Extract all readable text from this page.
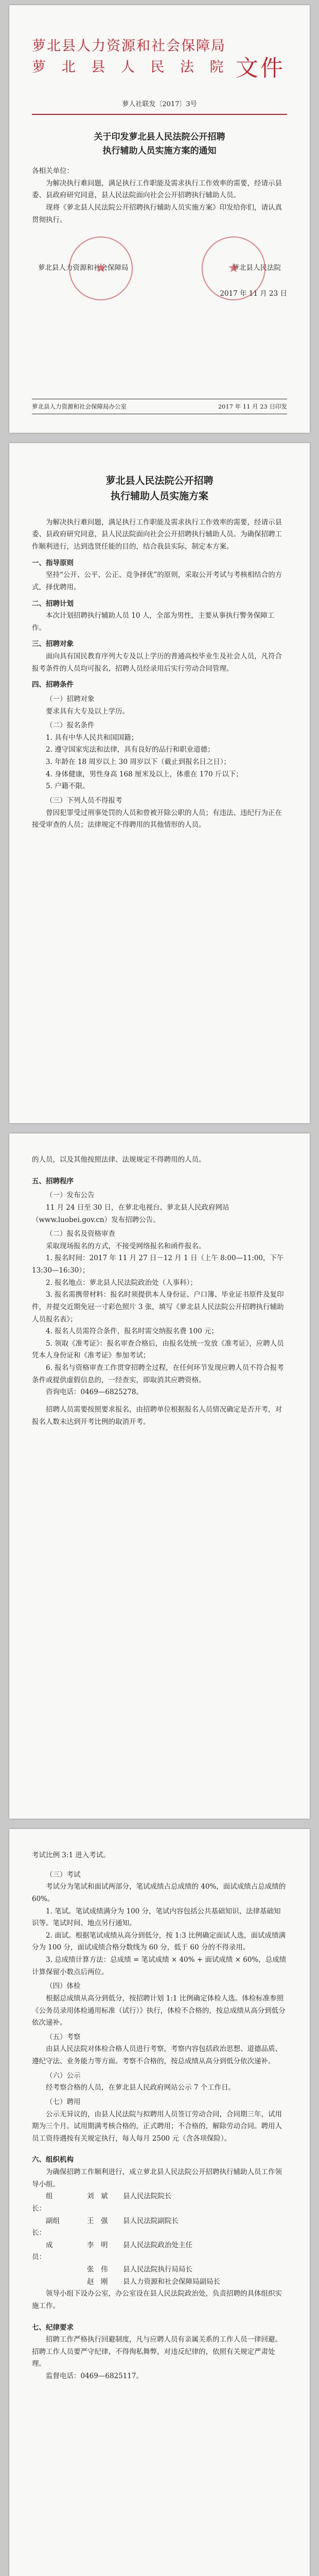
萝北县人力资源和社会保障局
萝 北 县 人 民 法 院 文件
萝人社联发〔2017〕3号
关于印发萝北县人民法院公开招聘
执行辅助人员实施方案的通知

各相关单位：

为解决执行难问题，满足执行工作职能及需求执行工作效率的需要，经请示县委、县政府研究同意，县人民法院面向社会公开招聘执行辅助人员。

现将《萝北县人民法院公开招聘执行辅助人员实施方案》印发给你们，请认真贯彻执行。

★
★
萝北县人力资源和社会保障局	萝北县人民法院
2017 年 11 月 23 日
萝北县人力资源和社会保障局办公室	2017 年 11 月 23 日印发
萝北县人民法院公开招聘
执行辅助人员实施方案

为解决执行难问题，满足执行工作职能及需求执行工作效率的需要，经请示县委、县政府研究同意，县人民法院面向社会公开招聘执行辅助人员。为确保招聘工作顺利进行，达到选贤任能的目的，结合我县实际，制定本方案。

一、指导原则

坚持“公开、公平、公正、竞争择优”的原则，采取公开考试与考核相结合的方式，择优聘用。

二、招聘计划

本次计划招聘执行辅助人员 10 人，全部为男性，主要从事执行警务保障工作。

三、招聘对象

面向具有国民教育序列大专及以上学历的普通高校毕业生及社会人员，凡符合报考条件的人员均可报名，招聘人员经录用后实行劳动合同管理。

四、招聘条件

（一）招聘对象

要求具有大专及以上学历。

（二）报名条件

1. 具有中华人民共和国国籍；

2. 遵守国家宪法和法律，具有良好的品行和职业道德；

3. 年龄在 18 周岁以上 30 周岁以下（截止到报名日之日）；

4. 身体健康，男性身高 168 厘米及以上，体重在 170 斤以下；

5. 户籍不限。

（三）下列人员不得报考

曾因犯罪受过刑事处罚的人员和曾被开除公职的人员；有违法、违纪行为正在接受审查的人员；法律规定不得聘用的其他情形的人员。

的人员，以及其他按照法律、法规规定不得聘用的人员。

五、招聘程序

（一）发布公告

11 月 24 日至 30 日，在萝北电视台、萝北县人民政府网站（www.luobei.gov.cn）发布招聘公告。

（二）报名及资格审查

采取现场报名的方式，不接受网络报名和函件报名。

1. 报名时间：2017 年 11 月 27 日－12 月 1 日（上午 8:00—11:00，下午 13:30—16:30）；

2. 报名地点：萝北县人民法院政治处（人事科）；

3. 报名需携带材料：报名时须提供本人身份证、户口簿、毕业证书原件及复印件，并提交近期免冠一寸彩色照片 3 张，填写《萝北县人民法院公开招聘执行辅助人员报名表》；

4. 报名人员需符合条件，报名时需交纳报名费 100 元；

5. 领取《准考证》：报名审查合格后，由报名处统一发放《准考证》，应聘人员凭本人身份证和《准考证》参加考试；

6. 报名与资格审查工作贯穿招聘全过程，在任何环节发现应聘人员不符合报考条件或提供虚假信息的，一经查实，即取消其应聘资格。

咨询电话：0469—6825278。

招聘人员需要按照要求报名，由招聘单位根据报名人员情况确定是否开考，对报名人数未达到开考比例的取消开考。

考试比例 3:1 进入考试。

（三）考试

考试分为笔试和面试两部分，笔试成绩占总成绩的 40%，面试成绩占总成绩的 60%。

1. 笔试。笔试成绩满分为 100 分，笔试内容包括公共基础知识、法律基础知识等。笔试时间、地点另行通知。

2. 面试。根据笔试成绩从高分到低分，按 1:3 比例确定面试人选，面试成绩满分为 100 分，面试成绩合格分数线为 60 分，低于 60 分的不得录用。

3. 总成绩计算方法：总成绩 = 笔试成绩 × 40% + 面试成绩 × 60%，总成绩计算保留小数点后两位。

（四）体检

根据总成绩从高分到低分，按招聘计划 1:1 比例确定体检人选。体检标准参照《公务员录用体检通用标准（试行）》执行，体检不合格的，按总成绩从高分到低分依次递补。

（五）考察

由县人民法院对体检合格人员进行考察，考察内容包括政治思想、道德品质、遵纪守法、业务能力等方面。考察不合格的，按总成绩从高分到低分依次递补。

（六）公示

经考察合格的人员，在萝北县人民政府网站公示 7 个工作日。

（七）聘用

公示无异议的，由县人民法院与拟聘用人员签订劳动合同，合同期三年，试用期为三个月。试用期满考核合格的，正式聘用；不合格的，解除劳动合同。聘用人员工资待遇按有关规定执行，每人每月 2500 元（含各项保险）。

六、组织机构

为确保招聘工作顺利进行，成立萝北县人民法院公开招聘执行辅助人员工作领导小组。

组　长：
刘　斌	县人民法院院长
副组长：
王　强	县人民法院副院长
成　员：
李　明	县人民法院政治处主任
张　伟	县人民法院执行局局长
赵　刚	县人力资源和社会保障局副局长

领导小组下设办公室，办公室设在县人民法院政治处，负责招聘的具体组织实施工作。

七、纪律要求

招聘工作严格执行回避制度，凡与应聘人员有亲属关系的工作人员一律回避。招聘工作人员要严守纪律，不得徇私舞弊，对违反纪律的，依照有关规定严肃处理。

监督电话：0469—6825117。
